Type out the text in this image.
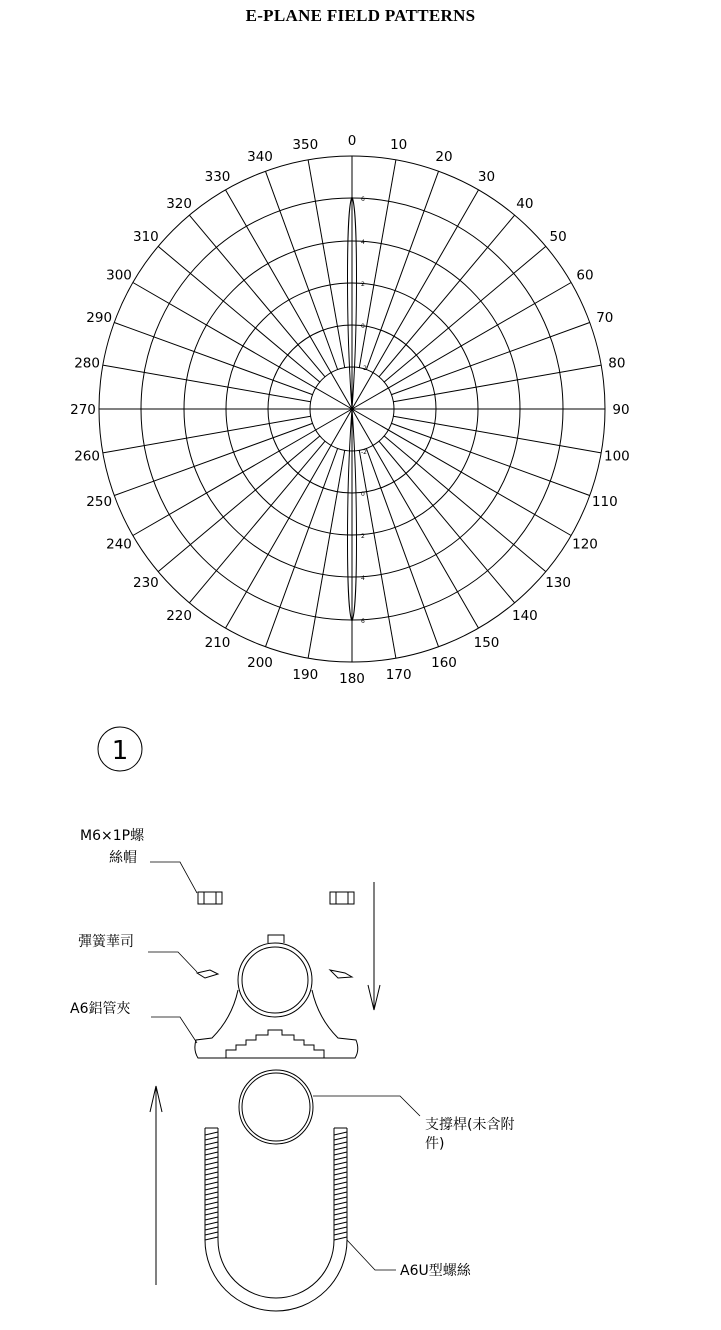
E-PLANE FIELD PATTERNS
0	10
20
30
40
50
60
70
80
90
100
110
120
130
140
150
160
170
180
190
200
210
220
230
240
250
260
270
280
290
300
310
320
330
340
350
6
4
2
0
-2
-2
0
2
4
6
1
M6×1P螺
絲帽
彈簧華司
A6鋁管夾
支撐桿(未含附
件)
A6U型螺絲
